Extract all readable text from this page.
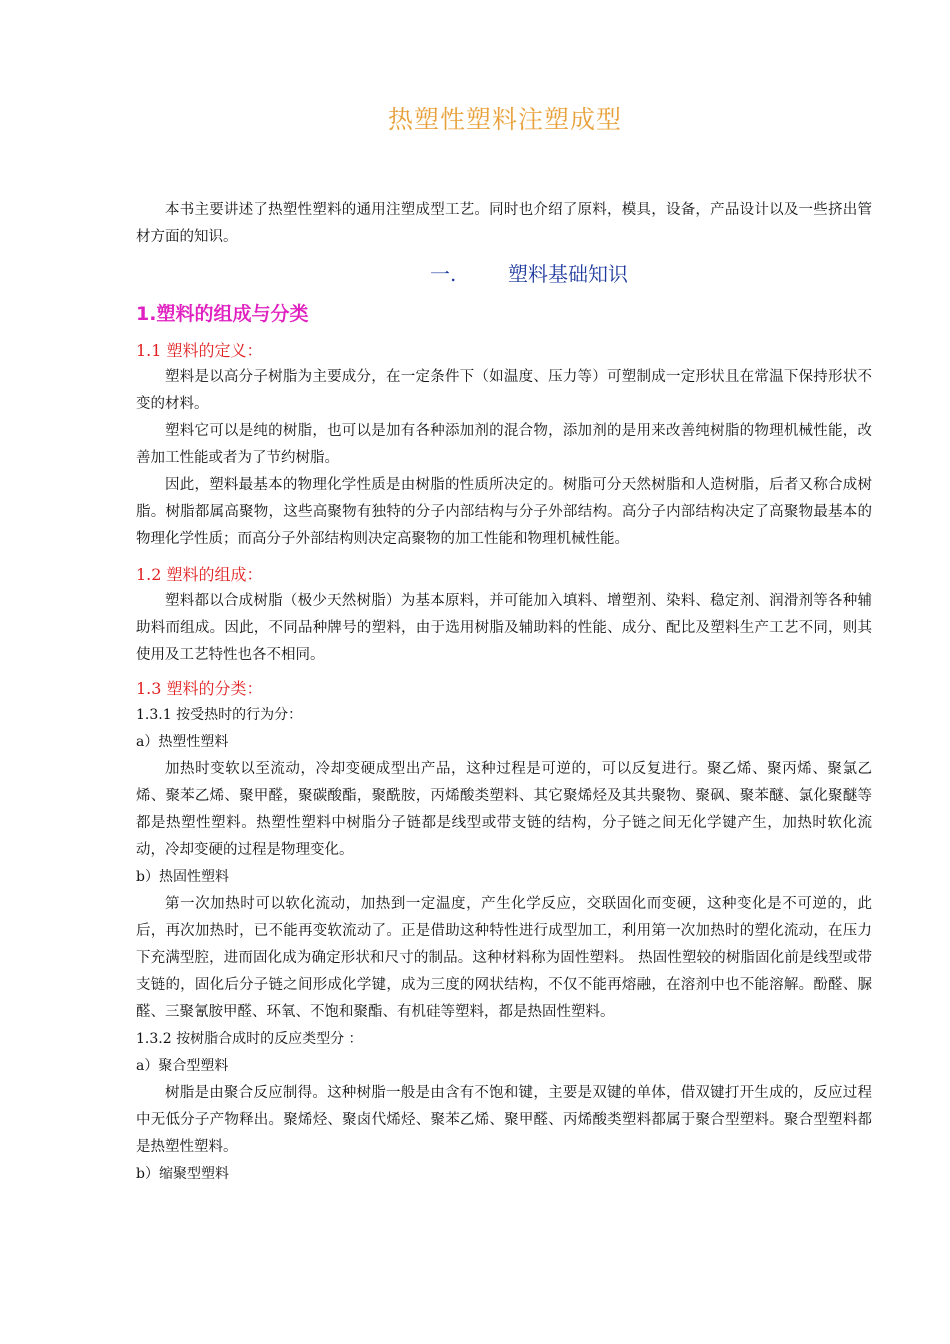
热塑性塑料注塑成型

本书主要讲述了热塑性塑料的通用注塑成型工艺。同时也介绍了原料，模具，设备，产品设计以及一些挤出管材方面的知识。

一.	塑料基础知识

1.塑料的组成与分类

1.1 塑料的定义：

塑料是以高分子树脂为主要成分，在一定条件下（如温度、压力等）可塑制成一定形状且在常温下保持形状不变的材料。

塑料它可以是纯的树脂，也可以是加有各种添加剂的混合物，添加剂的是用来改善纯树脂的物理机械性能，改善加工性能或者为了节约树脂。

因此，塑料最基本的物理化学性质是由树脂的性质所决定的。树脂可分天然树脂和人造树脂，后者又称合成树脂。树脂都属高聚物，这些高聚物有独特的分子内部结构与分子外部结构。高分子内部结构决定了高聚物最基本的物理化学性质；而高分子外部结构则决定高聚物的加工性能和物理机械性能。

1.2 塑料的组成：

塑料都以合成树脂（极少天然树脂）为基本原料，并可能加入填料、增塑剂、染料、稳定剂、润滑剂等各种辅助料而组成。因此，不同品种牌号的塑料，由于选用树脂及辅助料的性能、成分、配比及塑料生产工艺不同，则其使用及工艺特性也各不相同。

1.3 塑料的分类：

1.3.1 按受热时的行为分：

a）热塑性塑料

加热时变软以至流动，冷却变硬成型出产品，这种过程是可逆的，可以反复进行。聚乙烯、聚丙烯、聚氯乙烯、聚苯乙烯、聚甲醛，聚碳酸酯，聚酰胺，丙烯酸类塑料、其它聚烯烃及其共聚物、聚砜、聚苯醚、氯化聚醚等都是热塑性塑料。热塑性塑料中树脂分子链都是线型或带支链的结构，分子链之间无化学键产生，加热时软化流动，冷却变硬的过程是物理变化。

b）热固性塑料

第一次加热时可以软化流动，加热到一定温度，产生化学反应，交联固化而变硬，这种变化是不可逆的，此后，再次加热时，已不能再变软流动了。正是借助这种特性进行成型加工，利用第一次加热时的塑化流动，在压力下充满型腔，进而固化成为确定形状和尺寸的制品。这种材料称为固性塑料。 热固性塑较的树脂固化前是线型或带支链的，固化后分子链之间形成化学键，成为三度的网状结构，不仅不能再熔融，在溶剂中也不能溶解。酚醛、脲醛、三聚氰胺甲醛、环氧、不饱和聚酯、有机硅等塑料，都是热固性塑料。

1.3.2 按树脂合成时的反应类型分 ：

a）聚合型塑料

树脂是由聚合反应制得。这种树脂一般是由含有不饱和键，主要是双键的单体，借双键打开生成的，反应过程中无低分子产物释出。聚烯烃、聚卤代烯烃、聚苯乙烯、聚甲醛、丙烯酸类塑料都属于聚合型塑料。聚合型塑料都是热塑性塑料。

b）缩聚型塑料
